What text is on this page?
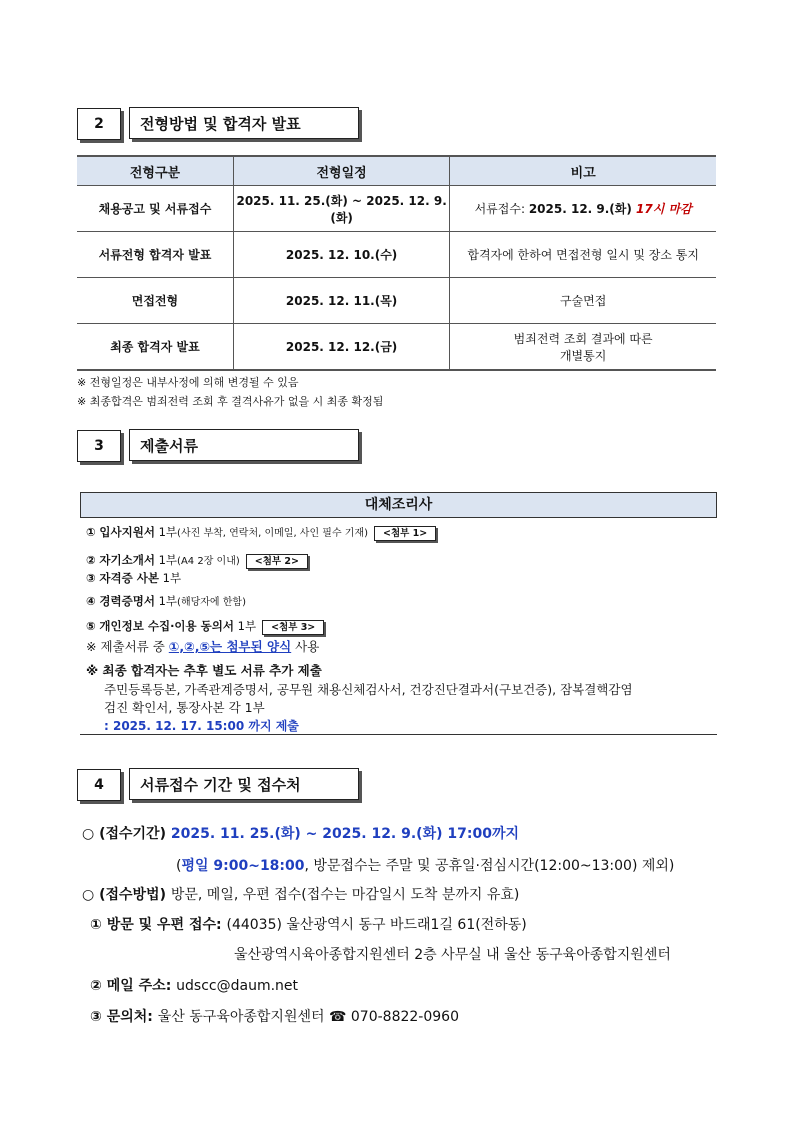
2	전형방법 및 합격자 발표
전형구분	전형일정	비고
채용공고 및 서류접수	2025. 11. 25.(화) ~ 2025. 12. 9.(화)	서류접수: 2025. 12. 9.(화) 17시 마감
서류전형 합격자 발표	2025. 12. 10.(수)	합격자에 한하여 면접전형 일시 및 장소 통지
면접전형	2025. 12. 11.(목)	구술면접
최종 합격자 발표	2025. 12. 12.(금)	범죄전력 조회 결과에 따른
개별통지
※ 전형일정은 내부사정에 의해 변경될 수 있음
※ 최종합격은 범죄전력 조회 후 결격사유가 없을 시 최종 확정됨
3	제출서류
대체조리사
① 입사지원서 1부(사진 부착, 연락처, 이메일, 사인 필수 기재) <첨부 1>
② 자기소개서 1부(A4 2장 이내) <첨부 2>
③ 자격증 사본 1부
④ 경력증명서 1부(해당자에 한함)
⑤ 개인정보 수집·이용 동의서 1부 <첨부 3>
※ 제출서류 중 ①,②,⑤는 첨부된 양식 사용
※ 최종 합격자는 추후 별도 서류 추가 제출
주민등록등본, 가족관계증명서, 공무원 채용신체검사서, 건강진단결과서(구보건증), 잠복결핵감염
검진 확인서, 통장사본 각 1부
: 2025. 12. 17. 15:00 까지 제출
4	서류접수 기간 및 접수처
○ (접수기간) 2025. 11. 25.(화) ~ 2025. 12. 9.(화) 17:00까지
(평일 9:00~18:00, 방문접수는 주말 및 공휴일·점심시간(12:00~13:00) 제외)
○ (접수방법) 방문, 메일, 우편 접수(접수는 마감일시 도착 분까지 유효)
① 방문 및 우편 접수: (44035) 울산광역시 동구 바드래1길 61(전하동)
울산광역시육아종합지원센터 2층 사무실 내 울산 동구육아종합지원센터
② 메일 주소: udscc@daum.net
③ 문의처: 울산 동구육아종합지원센터 ☎ 070-8822-0960
